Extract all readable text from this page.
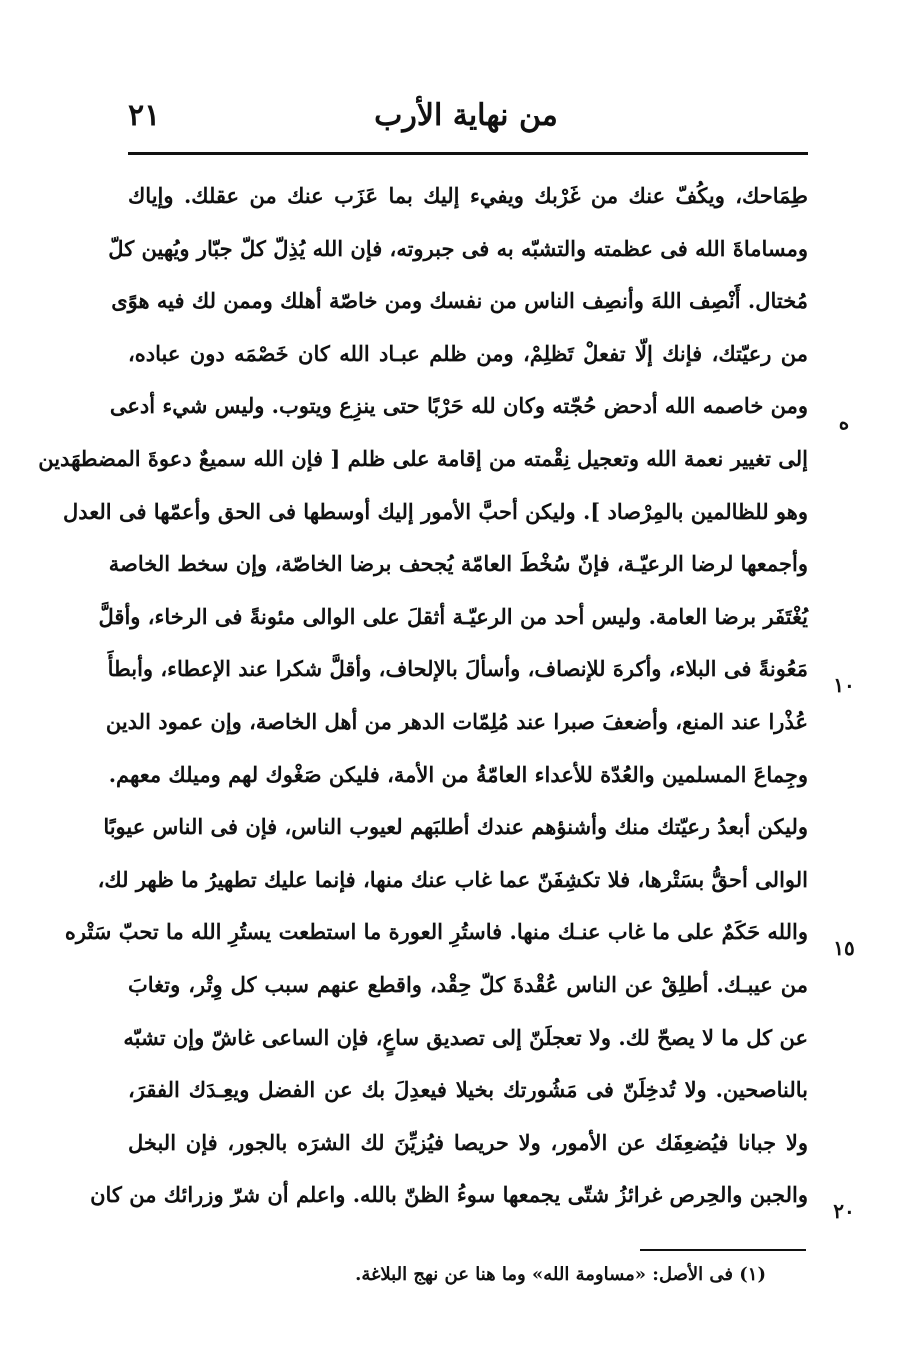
من نهاية الأرب
٢١
طِمَاحك، ويكُفّ عنك من غَرْبك ويفيء إليك بما عَزَب عنك من عقلك. وإياك
ومساماةَ الله فى عظمته والتشبّه به فى جبروته، فإن الله يُذِلّ كلّ جبّار ويُهين كلّ
مُختال. أَنْصِف اللهَ وأنصِف الناس من نفسك ومن خاصّة أهلك وممن لك فيه هوًى
من رعيّتك، فإنك إلّا تفعلْ تَظلِمْ، ومن ظلم عبـاد الله كان خَصْمَه دون عباده،
ومن خاصمه الله أدحض حُجّته وكان لله حَرْبًا حتى ينزِع ويتوب. وليس شيء أدعى
إلى تغيير نعمة الله وتعجيل نِقْمته من إقامة على ظلم [ فإن الله سميعٌ دعوةَ المضطهَدين
وهو للظالمين بالمِرْصاد ]. وليكن أحبَّ الأمور إليك أوسطها فى الحق وأعمّها فى العدل
وأجمعها لرضا الرعيّـة، فإنّ سُخْطَ العامّة يُجحف برضا الخاصّة، وإن سخط الخاصة
يُغْتَفَر برضا العامة. وليس أحد من الرعيّـة أثقلَ على الوالى مئونةً فى الرخاء، وأقلَّ
مَعُونةً فى البلاء، وأكرهَ للإنصاف، وأسألَ بالإلحاف، وأقلَّ شكرا عند الإعطاء، وأبطأَ
عُذْرا عند المنع، وأضعفَ صبرا عند مُلِمّات الدهر من أهل الخاصة، وإن عمود الدين
وجِماعَ المسلمين والعُدّة للأعداء العامّةُ من الأمة، فليكن صَغْوك لهم وميلك معهم.
وليكن أبعدُ رعيّتك منك وأشنؤهم عندك أطلبَهم لعيوب الناس، فإن فى الناس عيوبًا
الوالى أحقُّ بسَتْرها، فلا تكشِفَنّ عما غاب عنك منها، فإنما عليك تطهيرُ ما ظهر لك،
والله حَكَمٌ على ما غاب عنـك منها. فاستُرِ العورة ما استطعت يستُرِ الله ما تحبّ سَتْره
من عيبـك. أطلِقْ عن الناس عُقْدةَ كلّ حِقْد، واقطع عنهم سبب كل وِتْر، وتغابَ
عن كل ما لا يصحّ لك. ولا تعجلَنّ إلى تصديق ساعٍ، فإن الساعى غاشّ وإن تشبّه
بالناصحين. ولا تُدخِلَنّ فى مَشُورتك بخيلا فيعدِلَ بك عن الفضل ويعِـدَك الفقرَ،
ولا جبانا فيُضعِفَك عن الأمور، ولا حريصا فيُزيِّنَ لك الشرَه بالجور، فإن البخل
والجبن والحِرص غرائزُ شتّى يجمعها سوءُ الظنّ بالله. واعلم أن شرّ وزرائك من كان
ه
١٠
١٥
٢٠
(١) فى الأصل: «مساومة الله» وما هنا عن نهج البلاغة.
